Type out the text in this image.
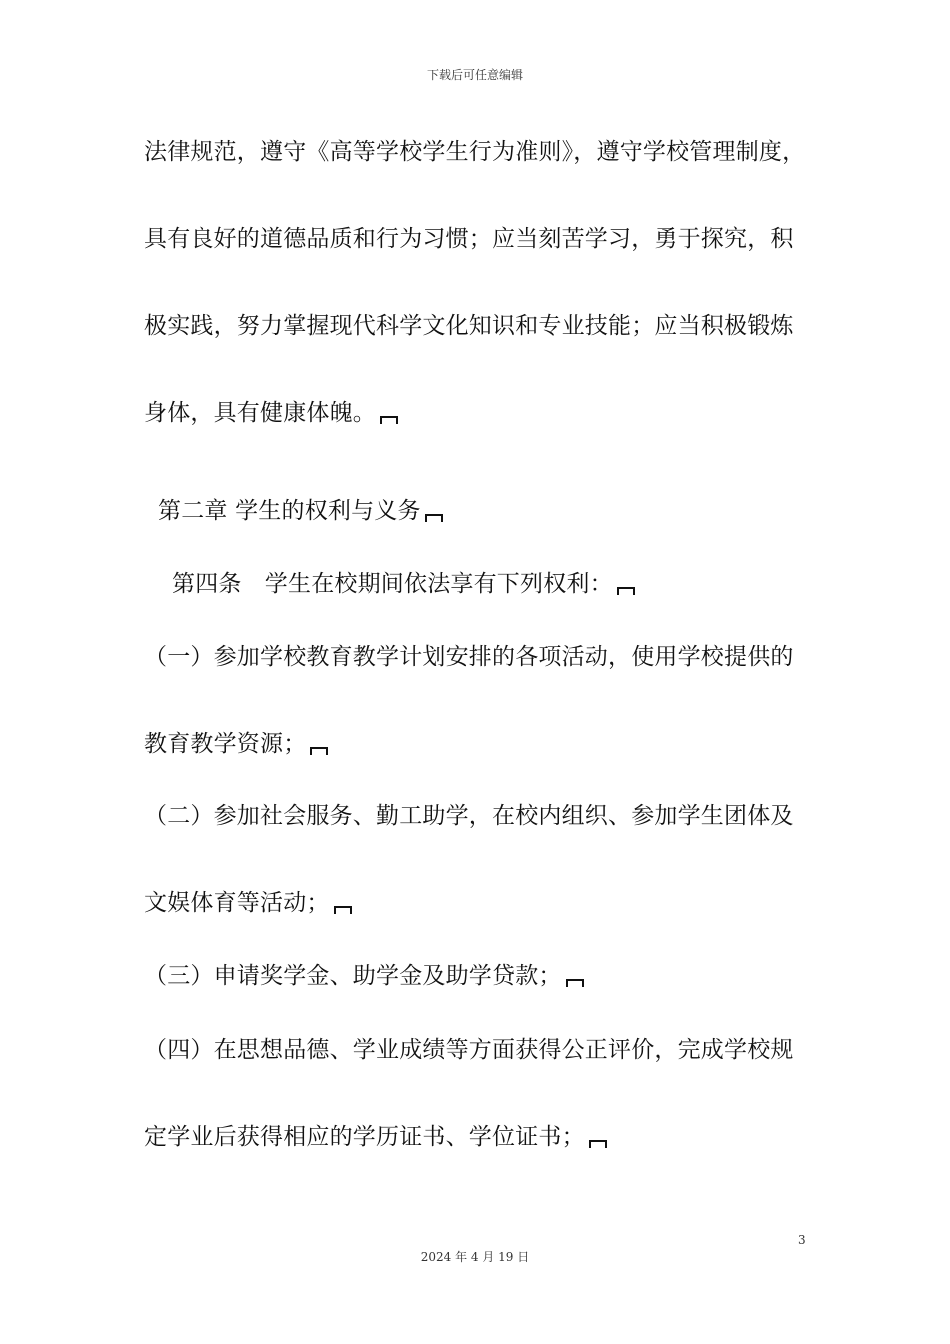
下载后可任意编辑
法律规范，遵守《高等学校学生行为准则》，遵守学校管理制度，
具有良好的道德品质和行为习惯；应当刻苦学习，勇于探究，积
极实践，努力掌握现代科学文化知识和专业技能；应当积极锻炼
身体，具有健康体魄。
第二章 学生的权利与义务
第四条　学生在校期间依法享有下列权利：
（一）参加学校教育教学计划安排的各项活动，使用学校提供的
教育教学资源；
（二）参加社会服务、勤工助学，在校内组织、参加学生团体及
文娱体育等活动；
（三）申请奖学金、助学金及助学贷款；
（四）在思想品德、学业成绩等方面获得公正评价，完成学校规
定学业后获得相应的学历证书、学位证书；
3
2024 年 4 月 19 日
